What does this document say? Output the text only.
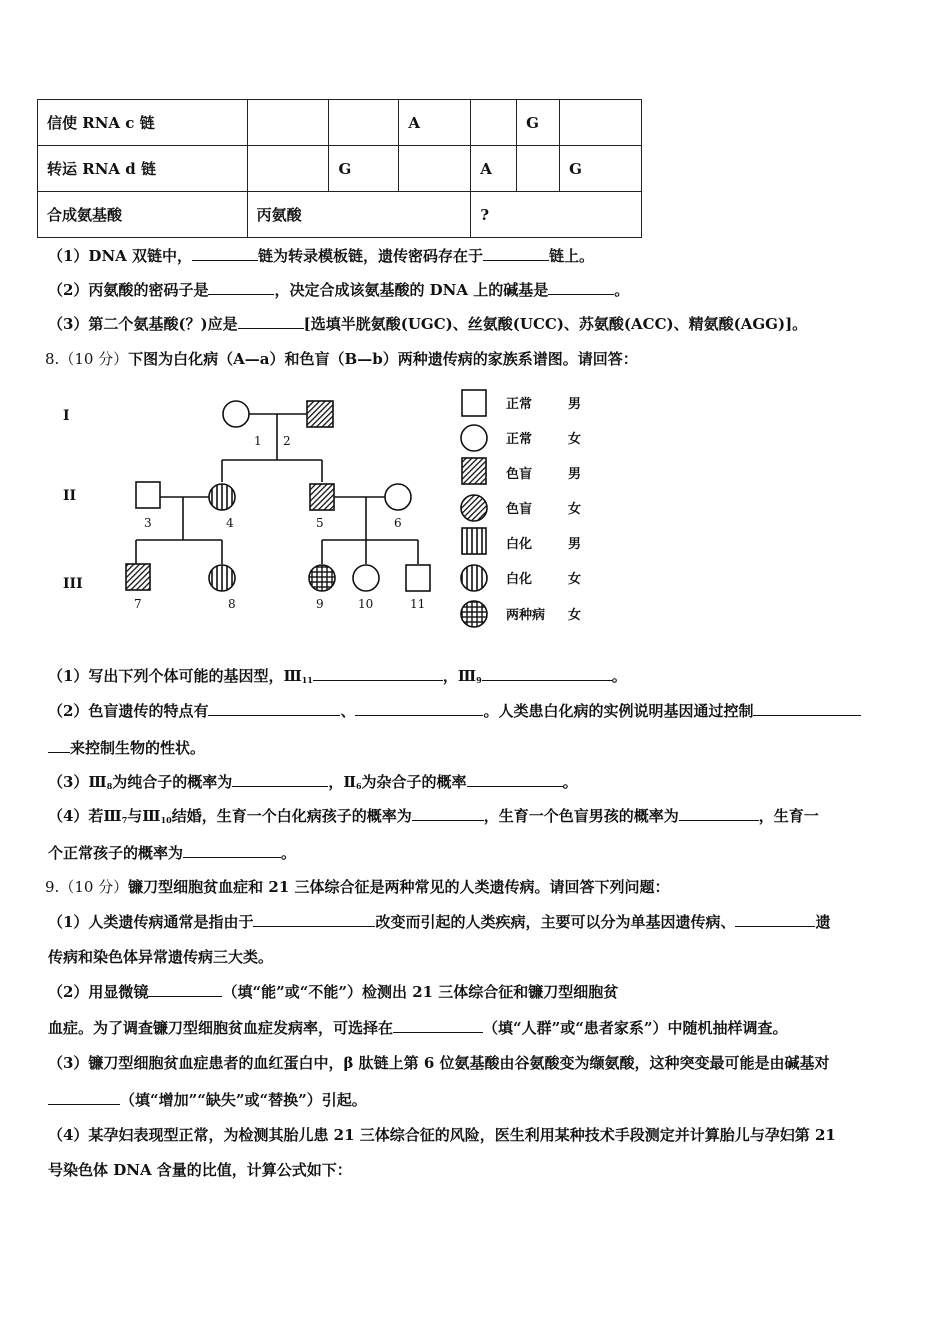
信使 RNA c 链			A		G	
转运 RNA d 链		G		A		G
合成氨基酸	丙氨酸			?		
（1）DNA 双链中，	链为转录模板链，遗传密码存在于	链上。
（2）丙氨酸的密码子是	，决定合成该氨基酸的 DNA 上的碱基是	。
（3）第二个氨基酸(？)应是	[选填半胱氨酸(UGC)、丝氨酸(UCC)、苏氨酸(ACC)、精氨酸(AGG)]。
8.（10 分）下图为白化病（A—a）和色盲（B—b）两种遗传病的家族系谱图。请回答：
I
II
III
1 2
3	4	5	6
7	8	9	10	11
正常	男
正常	女
色盲	男
色盲	女
白化	男
白化	女
两种病 女
（1）写出下列个体可能的基因型，$Ⅲ_{11}$	，$Ⅲ_9$	。
（2）色盲遗传的特点有	、	。人类患白化病的实例说明基因通过控制
来控制生物的性状。
$(3)Ⅲ_8$为纯合子的概率为	，$Ⅱ_6$为杂合子的概率	。
（4）若$Ⅲ_7$与$Ⅲ_{10}$结婚，生育一个白化病孩子的概率为	，生育一个色盲男孩的概率为	，生育一
个正常孩子的概率为	。
9.（10 分）镰刀型细胞贫血症和 21 三体综合征是两种常见的人类遗传病。请回答下列问题：
（1）人类遗传病通常是指由于	改变而引起的人类疾病，主要可以分为单基因遗传病、	遗
传病和染色体异常遗传病三大类。
（2）用显微镜	（填“能”或“不能”）检测出 21 三体综合征和镰刀型细胞贫
血症。为了调查镰刀型细胞贫血症发病率，可选择在	（填“人群”或“患者家系”）中随机抽样调查。
（3）镰刀型细胞贫血症患者的血红蛋白中，β 肽链上第 6 位氨基酸由谷氨酸变为缬氨酸，这种突变最可能是由碱基对
（填“增加”“缺失”或“替换”）引起。
（4）某孕妇表现型正常，为检测其胎儿患 21 三体综合征的风险，医生利用某种技术手段测定并计算胎儿与孕妇第 21
号染色体 DNA 含量的比值，计算公式如下：
